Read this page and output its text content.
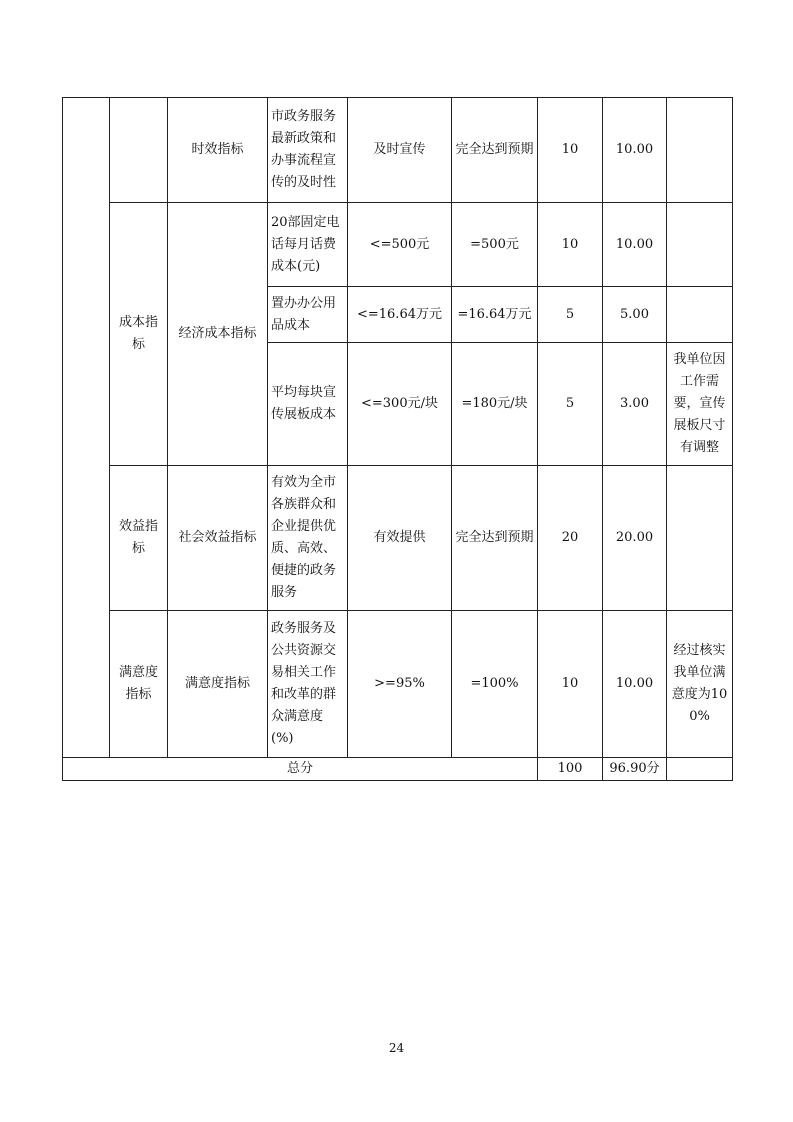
		时效指标	市政务服务最新政策和办事流程宣传的及时性	及时宣传	完全达到预期	10	10.00	
	成本指标	经济成本指标	20部固定电话每月话费成本(元)	<=500元	=500元	10	10.00	
			置办办公用品成本	<=16.64万元	=16.64万元	5	5.00	
			平均每块宣传展板成本	<=300元/块	=180元/块	5	3.00	我单位因工作需要，宣传展板尺寸有调整
	效益指标	社会效益指标	有效为全市各族群众和企业提供优质、高效、便捷的政务服务	有效提供	完全达到预期	20	20.00	
	满意度指标	满意度指标	政务服务及公共资源交易相关工作和改革的群众满意度(%)	>=95%	=100%	10	10.00	经过核实我单位满意度为100%
总分						100	96.90分	
24
